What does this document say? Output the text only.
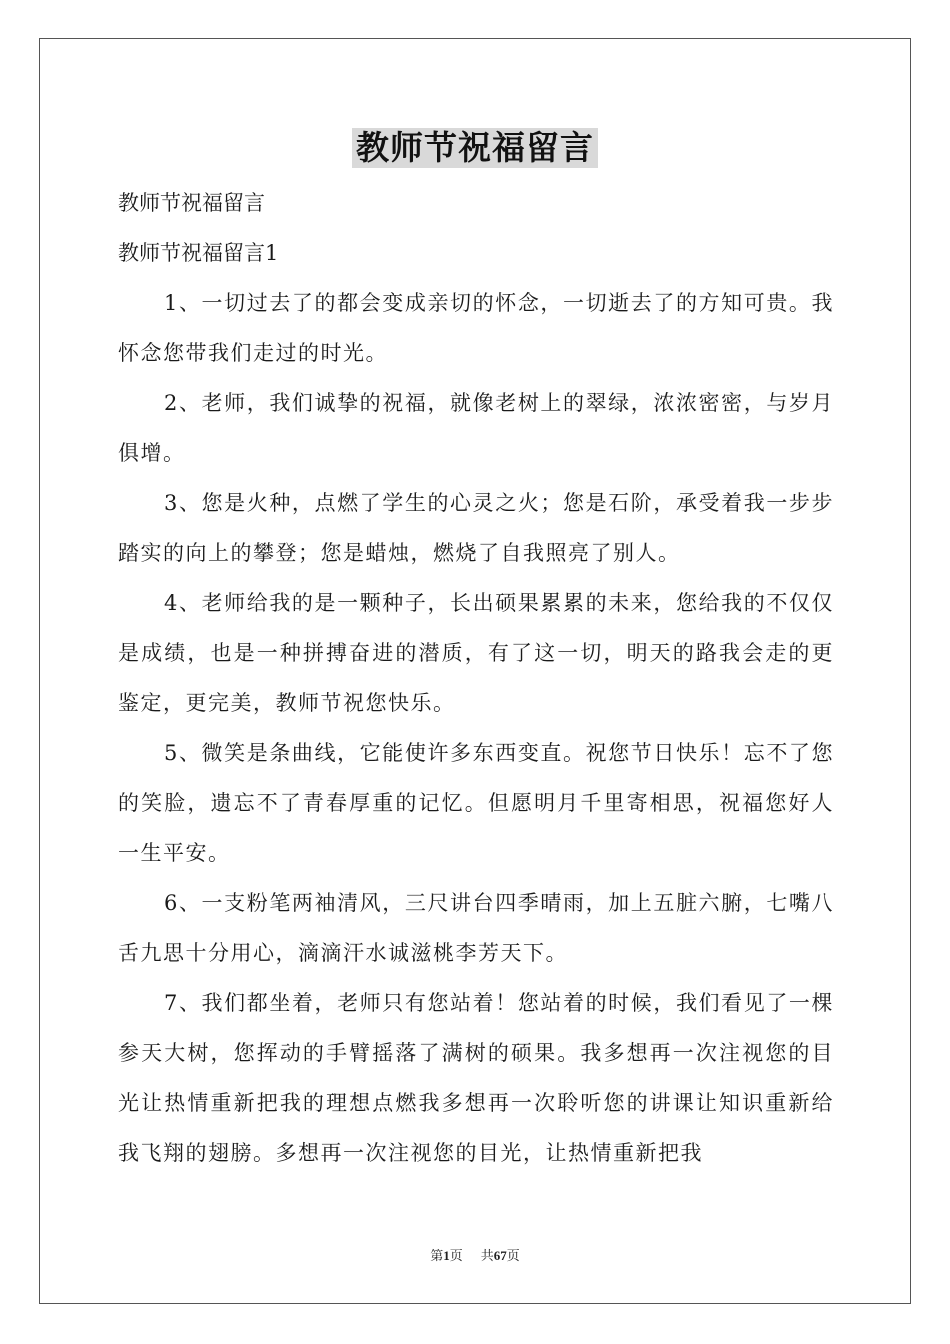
教师节祝福留言

教师节祝福留言

教师节祝福留言1

1、一切过去了的都会变成亲切的怀念，一切逝去了的方知可贵。我怀念您带我们走过的时光。

2、老师，我们诚挚的祝福，就像老树上的翠绿，浓浓密密，与岁月俱增。

3、您是火种，点燃了学生的心灵之火；您是石阶，承受着我一步步踏实的向上的攀登；您是蜡烛，燃烧了自我照亮了别人。

4、老师给我的是一颗种子，长出硕果累累的未来，您给我的不仅仅是成绩，也是一种拼搏奋进的潜质，有了这一切，明天的路我会走的更鉴定，更完美，教师节祝您快乐。

5、微笑是条曲线，它能使许多东西变直。祝您节日快乐！忘不了您的笑脸，遗忘不了青春厚重的记忆。但愿明月千里寄相思，祝福您好人一生平安。

6、一支粉笔两袖清风，三尺讲台四季晴雨，加上五脏六腑，七嘴八舌九思十分用心，滴滴汗水诚滋桃李芳天下。

7、我们都坐着，老师只有您站着！您站着的时候，我们看见了一棵参天大树，您挥动的手臂摇落了满树的硕果。我多想再一次注视您的目光让热情重新把我的理想点燃我多想再一次聆听您的讲课让知识重新给我飞翔的翅膀。多想再一次注视您的目光，让热情重新把我

第1页 共67页
